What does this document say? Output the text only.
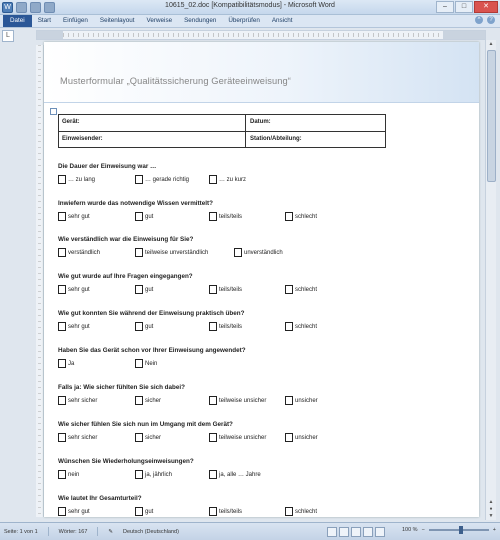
W	10615_02.doc [Kompatibilitätsmodus] - Microsoft Word	–	□	✕
Datei	Start	Einfügen	Seitenlayout	Verweise	Sendungen	Überprüfen	Ansicht	^	?
L
Musterformular „Qualitätssicherung Geräteeinweisung“
Gerät:	Datum:
Einweisender:	Station/Abteilung:
Die Dauer der Einweisung war …
… zu lang	… gerade richtig	… zu kurz
Inwiefern wurde das notwendige Wissen vermittelt?
sehr gut	gut	teils/teils	schlecht
Wie verständlich war die Einweisung für Sie?
verständlich	teilweise unverständlich	unverständlich
Wie gut wurde auf Ihre Fragen eingegangen?
sehr gut	gut	teils/teils	schlecht
Wie gut konnten Sie während der Einweisung praktisch üben?
sehr gut	gut	teils/teils	schlecht
Haben Sie das Gerät schon vor Ihrer Einweisung angewendet?
Ja	Nein
Falls ja: Wie sicher fühlten Sie sich dabei?
sehr sicher	sicher	teilweise unsicher	unsicher
Wie sicher fühlen Sie sich nun im Umgang mit dem Gerät?
sehr sicher	sicher	teilweise unsicher	unsicher
Wünschen Sie Wiederholungseinweisungen?
nein	ja, jährlich	ja, alle … Jahre
Wie lautet Ihr Gesamturteil?
sehr gut	gut	teils/teils	schlecht
▲
▲
●
▼
Seite: 1 von 1	Wörter: 167	✎ Deutsch (Deutschland)	100 % −	+
